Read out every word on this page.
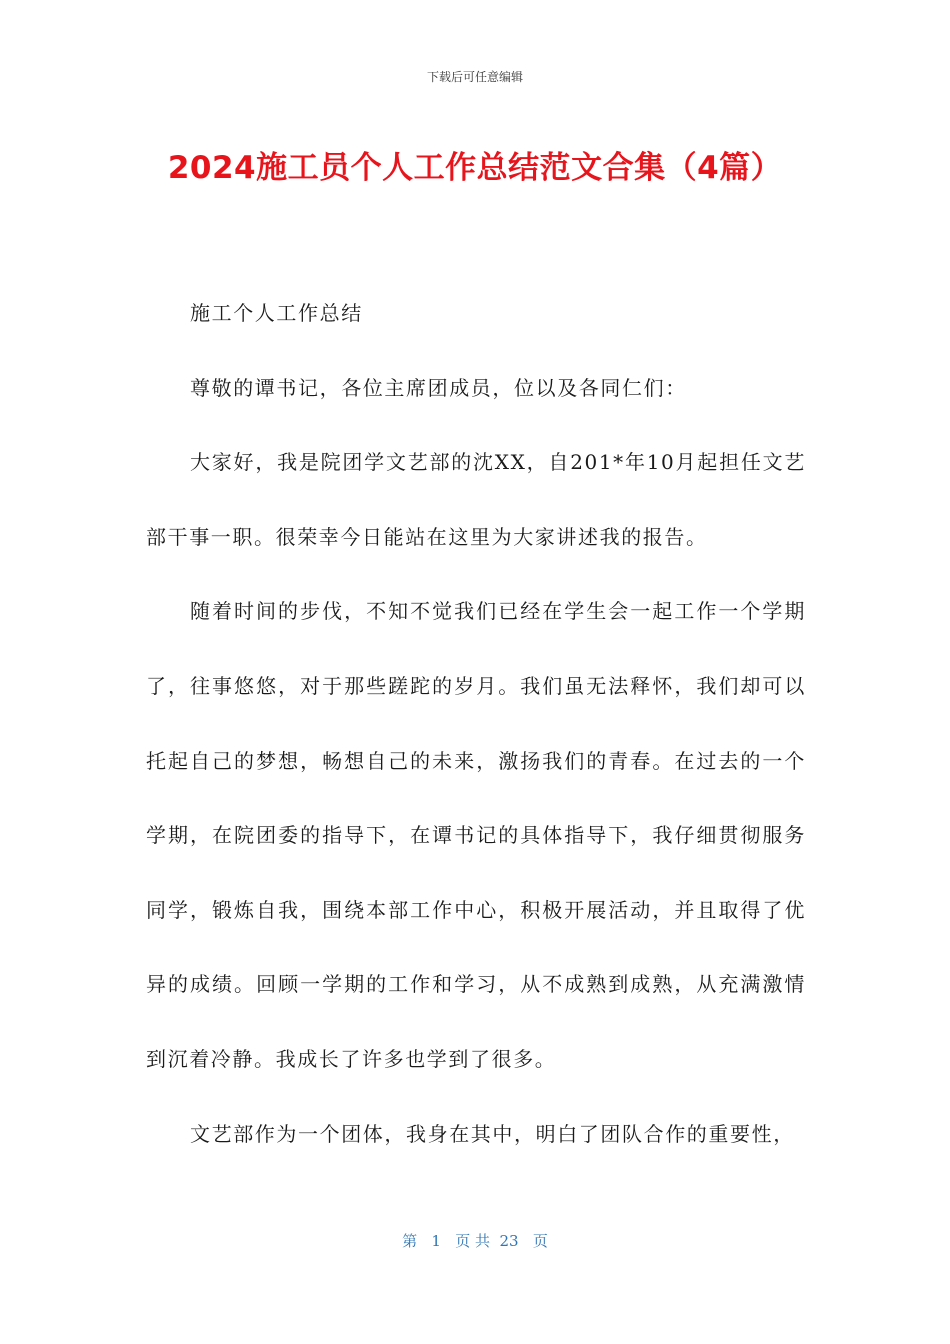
下载后可任意编辑
2024施工员个人工作总结范文合集（4篇）

施工个人工作总结

尊敬的谭书记，各位主席团成员，位以及各同仁们：

大家好，我是院团学文艺部的沈XX，自201*年10月起担任文艺部干事一职。很荣幸今日能站在这里为大家讲述我的报告。

随着时间的步伐，不知不觉我们已经在学生会一起工作一个学期了，往事悠悠，对于那些蹉跎的岁月。我们虽无法释怀，我们却可以托起自己的梦想，畅想自己的未来，激扬我们的青春。在过去的一个学期，在院团委的指导下，在谭书记的具体指导下，我仔细贯彻服务同学，锻炼自我，围绕本部工作中心，积极开展活动，并且取得了优异的成绩。回顾一学期的工作和学习，从不成熟到成熟，从充满激情到沉着冷静。我成长了许多也学到了很多。

文艺部作为一个团体，我身在其中，明白了团队合作的重要性，

第   1   页 共  23   页
